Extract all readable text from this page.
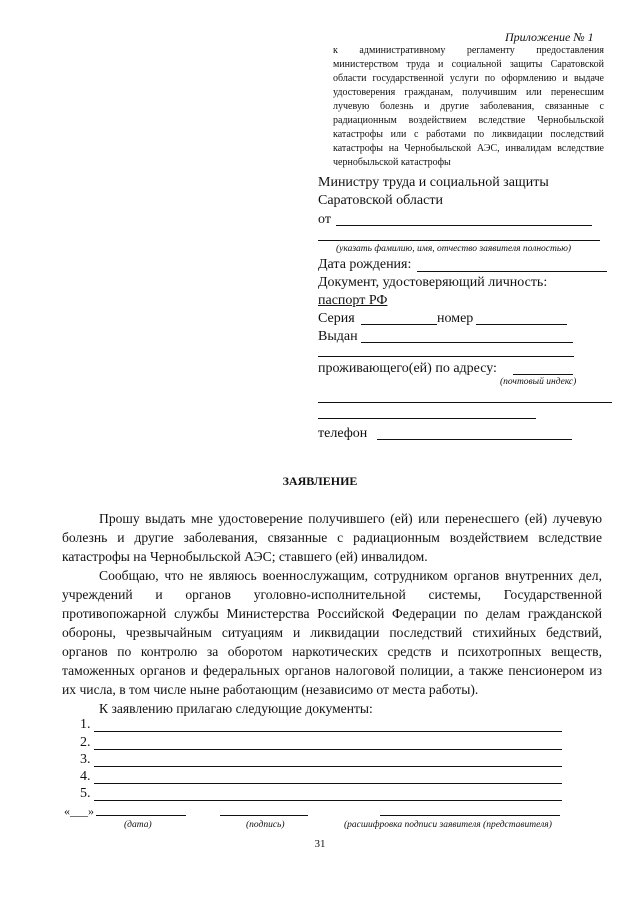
Приложение № 1
к административному регламенту предоставления министерством труда и социальной защиты Саратовской области государственной услуги по оформлению и выдаче удостоверения гражданам, получившим или перенесшим лучевую болезнь и другие заболевания, связанные с радиационным воздействием вследствие Чернобыльской катастрофы или с работами по ликвидации последствий катастрофы на Чернобыльской АЭС, инвалидам вследствие чернобыльской катастрофы
Министру труда и социальной защиты
Саратовской области
от
(указать фамилию, имя, отчество заявителя полностью)
Дата рождения:
Документ, удостоверяющий личность:
паспорт РФ
Серия	номер
Выдан
проживающего(ей) по адресу:
(почтовый индекс)
телефон
ЗАЯВЛЕНИЕ
Прошу выдать мне удостоверение получившего (ей) или перенесшего (ей) лучевую болезнь и другие заболевания, связанные с радиационным воздействием вследствие катастрофы на Чернобыльской АЭС; ставшего (ей) инвалидом.
Сообщаю, что не являюсь военнослужащим, сотрудником органов внутренних дел, учреждений и органов уголовно-исполнительной системы, Государственной противопожарной службы Министерства Российской Федерации по делам гражданской обороны, чрезвычайным ситуациям и ликвидации последствий стихийных бедствий, органов по контролю за оборотом наркотических средств и психотропных веществ, таможенных органов и федеральных органов налоговой полиции, а также пенсионером из их числа, в том числе ныне работающим (независимо от места работы).
К заявлению прилагаю следующие документы:
1.
2.
3.
4.
5.
«___»
(дата)	(подпись)	(расшифровка подписи заявителя (представителя)
31
